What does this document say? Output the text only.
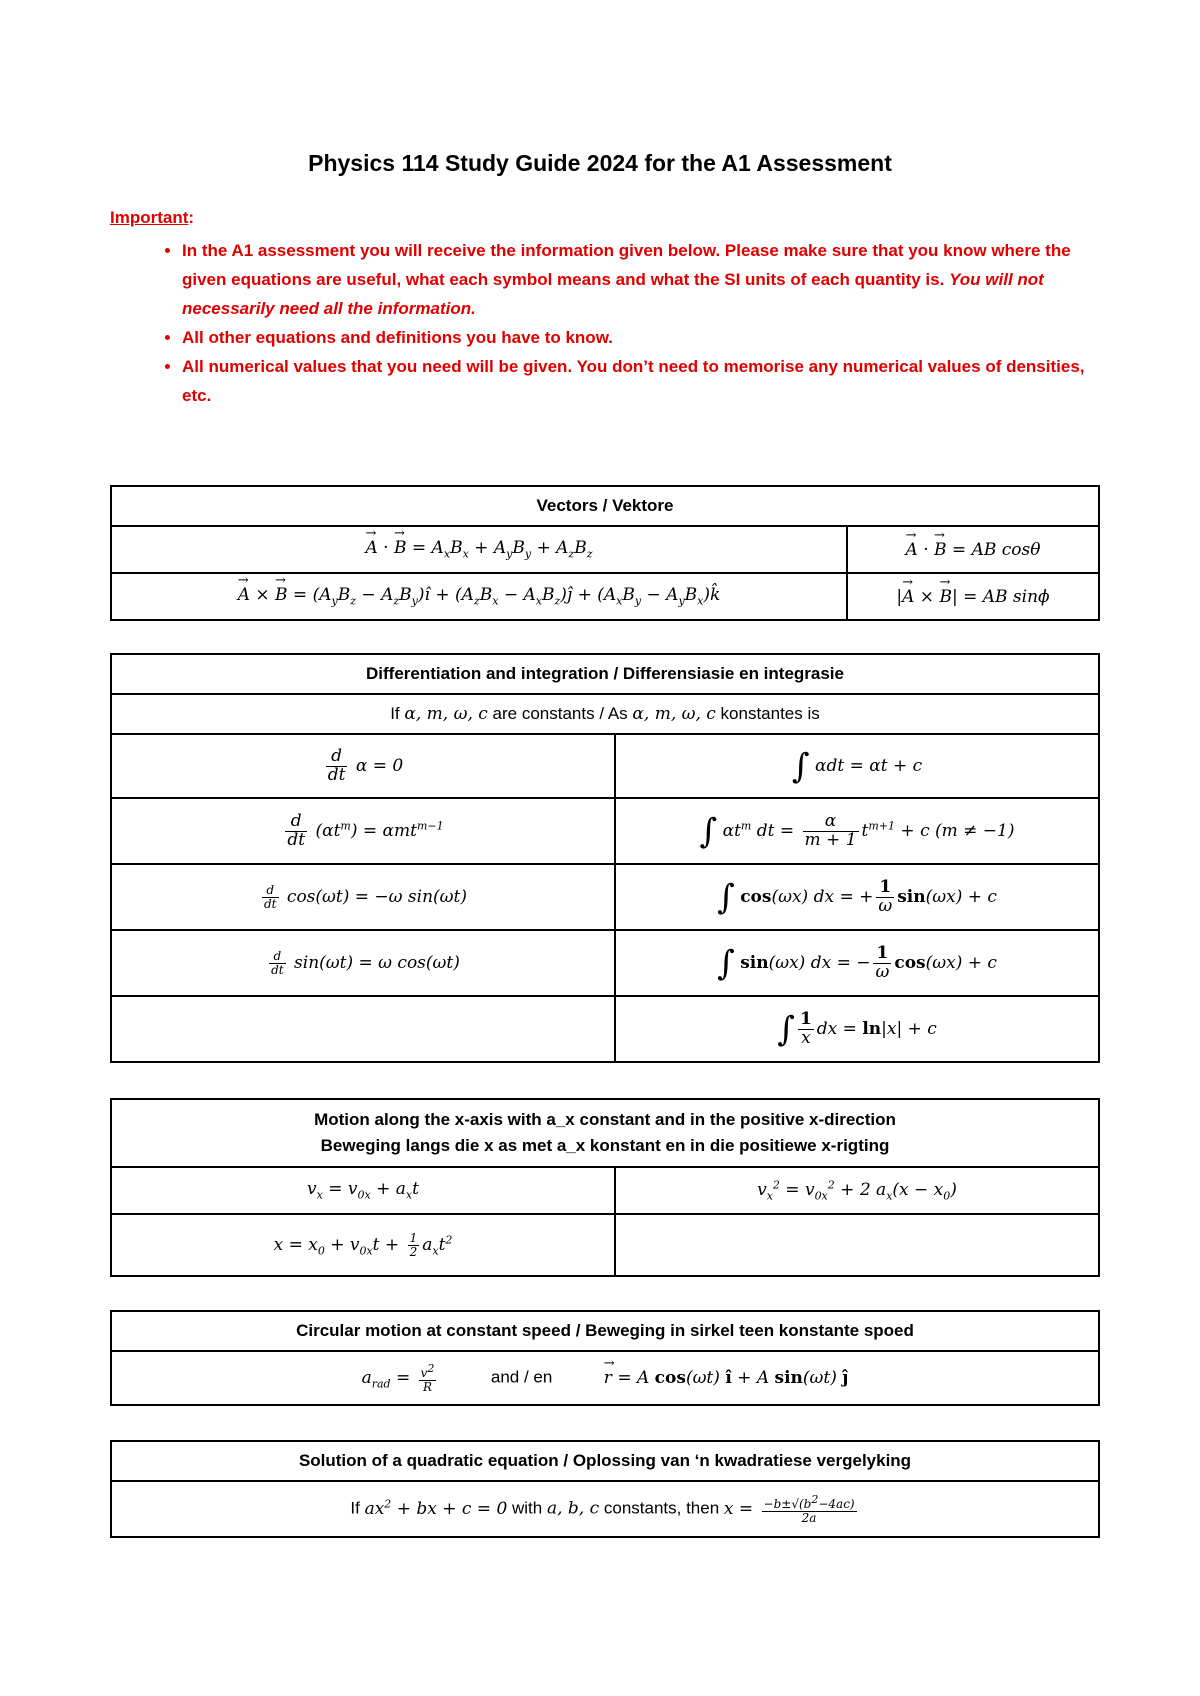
Physics 114 Study Guide 2024 for the A1 Assessment
Important:
• In the A1 assessment you will receive the information given below. Please make sure that you know where the given equations are useful, what each symbol means and what the SI units of each quantity is. You will not necessarily need all the information.
• All other equations and definitions you have to know.
• All numerical values that you need will be given. You don’t need to memorise any numerical values of densities, etc.
Vectors / Vektore	
→ A · → $B = A_xB_x + A_yB_y + A_zB_z$	→ A · → B = AB cosθ
→ A × → $B = (A_yB_z$ − $A_zB_y)î + (A_zB_x$ − $A_xB_z)ĵ + (A_xB_y$ − $A_yB_x)k̂$	|→ A × → B| = AB sinϕ
Differentiation and integration / Differensiasie en integrasie	
If α, m, ω, c are constants / As α, m, ω, c konstantes is	

$\frac{d}{dt}$ α = 0	∫ αdt = αt + c

$\frac{d}{dt} (\alpha t^m) = \alpha mt^{m-1}$	∫ $\alpha t^m$ dt = $\frac{\alpha}{m + 1} t^{m+1} + c$ (m ≠ −1)

$\frac{d}{dt} \cos(\omega t) = -\omega$ sin(ωt)	∫ cos(ωx) dx = + $\frac{1}{\omega} \sin(\omega x) + c$

$\frac{d}{dt} \sin(\omega t) = \omega$ cos(ωt)	∫ sin(ωx) dx = − $\frac{1}{\omega} \cos(\omega x) + c$
	∫ $\frac{1}{x}$ dx = ln|x| + c
Motion along the x-axis with a_x constant and in the positive x-direction
Beweging langs die x as met a_x konstant en in die positiewe x-rigting	

$v_x = v_{0x} + a_xt$	$v_x^2 = v_{0x}^2 + 2$ $a_x(x - x_0)$
$x = x_0 + v_{0x}t + \frac{1}{2} a_xt^2$	
Circular motion at constant speed / Beweging in sirkel teen konstante spoed
$a_{rad} = \frac{v^2}{R}$	and / en	→ r = A cos(ωt) î + A sin(ωt) ĵ
Solution of a quadratic equation / Oplossing van ‘n kwadratiese vergelyking
If $ax^2$ + bx + c = 0 with a, b, c constants, then $x = \frac{-b\pm√(b^2-4ac)}{2a}$
